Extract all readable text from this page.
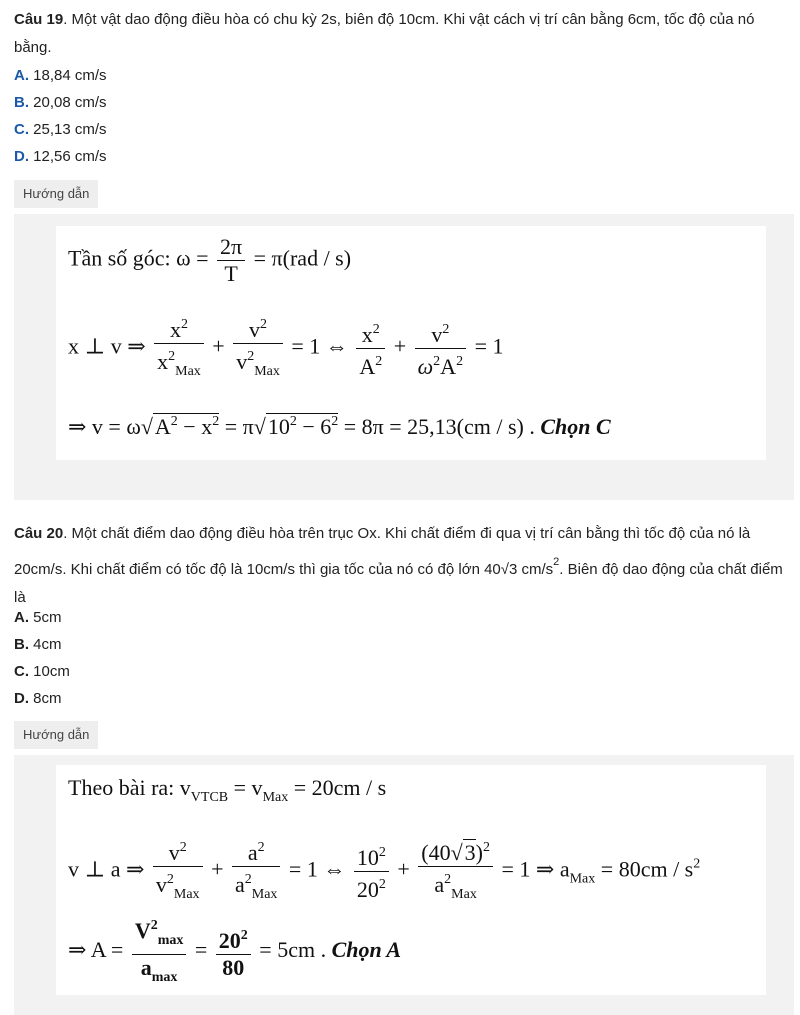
Câu 19. Một vật dao động điều hòa có chu kỳ 2s, biên độ 10cm. Khi vật cách vị trí cân bằng 6cm, tốc độ của nó bằng.
A. 18,84 cm/s
B. 20,08 cm/s
C. 25,13 cm/s
D. 12,56 cm/s
Hướng dẫn
Tần số góc: $\omega = \frac{2\pi}{T} = \pi(rad / s)$
x ⊥ v ⇒ $\frac{x^2}{x^2_{Max}} + \frac{v^2}{v^2_{Max}} = 1$ ⇔ $\frac{x^2}{A^2} + \frac{v^2}{\omega^2A^2} = 1$
⇒ $v = \omega√A^2 - x^2 = \pi√10^2 - 6^2 = 8\pi = 25,13(cm / s)$ . Chọn C
Câu 20. Một chất điểm dao động điều hòa trên trục Ox. Khi chất điểm đi qua vị trí cân bằng thì tốc độ của nó là 20cm/s. Khi chất điểm có tốc độ là 10cm/s thì gia tốc của nó có độ lớn 40√3 $cm/s^2$. Biên độ dao động của chất điểm là
A. 5cm
B. 4cm
C. 10cm
D. 8cm
Hướng dẫn
Theo bài ra: $v_{VTCB} = v_{Max} = 20cm / s$
v ⊥ a ⇒ $\frac{v^2}{v^2_{Max}} + \frac{a^2}{a^2_{Max}} = 1$ ⇔ $\frac{10^2}{20^2} + \frac{(40√3)^2}{a^2_{Max}} = 1$ ⇒ $a_{Max} = 80cm / s^2$
⇒ $A = \frac{V^2_{max}}{a_{max}} = \frac{20^2}{80} = 5cm$ . Chọn A
